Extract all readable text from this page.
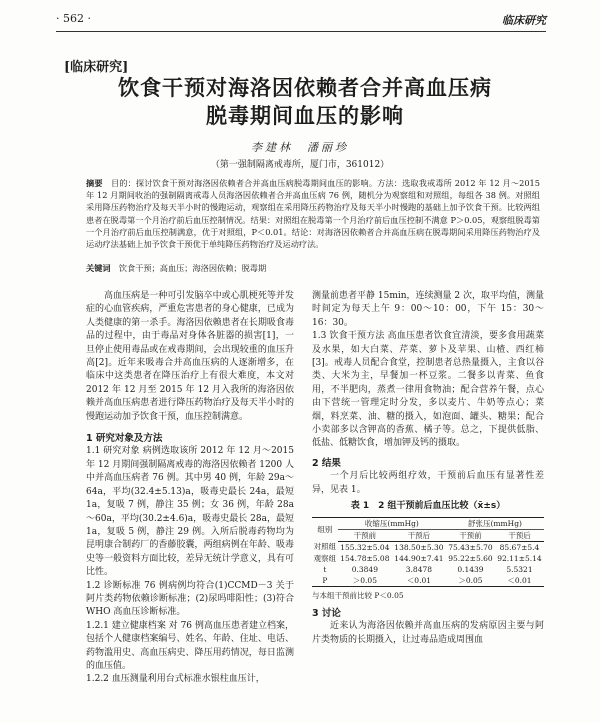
· 562 ·	临床研究
[临床研究]
饮食干预对海洛因依赖者合并高血压病
脱毒期间血压的影响
李建林　潘丽珍
（第一强制隔离戒毒所，厦门市，361012）
摘要　 目的：探讨饮食干预对海洛因依赖者合并高血压病脱毒期间血压的影响。方法：选取我戒毒所 2012 年 12 月～2015 年 12 月期间收治的强制隔离戒毒人员海洛因依赖者合并高血压病 76 例，随机分为观察组和对照组，每组各 38 例。对照组采用降压药物治疗及每天半小时的慢跑运动，观察组在采用降压药物治疗及每天半小时慢跑的基础上加予饮食干预。比较两组患者在脱毒第一个月治疗前后血压控制情况。结果：对照组在脱毒第一个月治疗前后血压控制不满意 P＞0.05，观察组脱毒第一个月治疗前后血压控制满意，优于对照组，P＜0.01。结论：对海洛因依赖者合并高血压病在脱毒期间采用降压药物治疗及运动疗法基础上加予饮食干预优于单纯降压药物治疗及运动疗法。
关键词　 饮食干预；高血压；海洛因依赖；脱毒期

高血压病是一种可引发脑卒中或心肌梗死等并发症的心血管疾病，严重危害患者的身心健康，已成为人类健康的第一杀手。海洛因依赖患者在长期吸食毒品的过程中，由于毒品对身体各脏器的损害[1]，一旦停止使用毒品或在戒毒期间，会出现较重的血压升高[2]。近年来吸毒合并高血压病的人逐渐增多，在临床中这类患者在降压治疗上有很大难度，本文对 2012 年 12 月至 2015 年 12 月入我所的海洛因依赖并高血压病患者进行降压药物治疗及每天半小时的慢跑运动加予饮食干预，血压控制满意。

1 研究对象及方法

1.1 研究对象 病例选取该所 2012 年 12 月～2015 年 12 月期间强制隔离戒毒的海洛因依赖者 1200 人中并高血压病者 76 例。其中男 40 例，年龄 29a～64a，平均(32.4±5.13)a，吸毒史最长 24a，最短 1a，复吸 7 例，静注 35 例；女 36 例，年龄 28a～60a，平均(30.2±4.6)a，吸毒史最长 28a，最短 1a，复吸 5 例，静注 29 例。入所后脱毒药物均为昆明康合制药厂的香藤胶囊，两组病例在年龄、吸毒史等一般资料方面比较，差异无统计学意义，具有可比性。

1.2 诊断标准 76 例病例均符合(1)CCMD－3 关于阿片类药物依赖诊断标准；(2)尿吗啡阳性；(3)符合 WHO 高血压诊断标准。

1.2.1 建立健康档案 对 76 例高血压患者建立档案，包括个人健康档案编号、姓名、年龄、住址、电话、药物滥用史、高血压病史、降压用药情况，每日监测的血压值。

1.2.2 血压测量利用台式标准水银柱血压计，

测量前患者平静 15min，连续测量 2 次，取平均值，测量时间定为每天上午 9：00～10：00，下午 15：30～16：30。

1.3 饮食干预方法 高血压患者饮食宜清淡，要多食用蔬菜及水果，如大白菜、芹菜、萝卜及苹果、山楂、西红柿[3]。戒毒人员配合食堂，控制患者总热量摄入，主食以谷类、大米为主，早餐加一杯豆浆。二餐多以青菜、鱼食用，不半肥肉，蒸煮一律用食物油；配合营养午餐，点心由下营统一管理定时分发，多以麦片、牛奶等点心；菜烟，料烹菜、油、糖的摄入，如泡面、罐头、糖果；配合小卖部多以含钾高的香蕉、橘子等。总之，下提供低脂、低盐、低糖饮食，增加钾及钙的摄取。

2 结果

一个月后比较两组疗效，干预前后血压有显著性差异，见表 1。

表 1　2 组干预前后血压比较（x̄±s）
组别	收缩压(mmHg)		舒张压(mmHg)	
	干预前	干预后	干预前	干预后
对照组	155.32±5.04	138.50±5.30	75.43±5.70	85.67±5.4
观察组	154.78±5.08	144.90±7.41	95.22±5.60	92.11±5.14
t	0.3849	3.8478	0.1439	5.5321
P	＞0.05	＜0.01	＞0.05	＜0.01
与本组干预前比较 P＜0.05
3 讨论

近来认为海洛因依赖并高血压病的发病原因主要与阿片类物质的长期摄入，让过毒品造成周围血
